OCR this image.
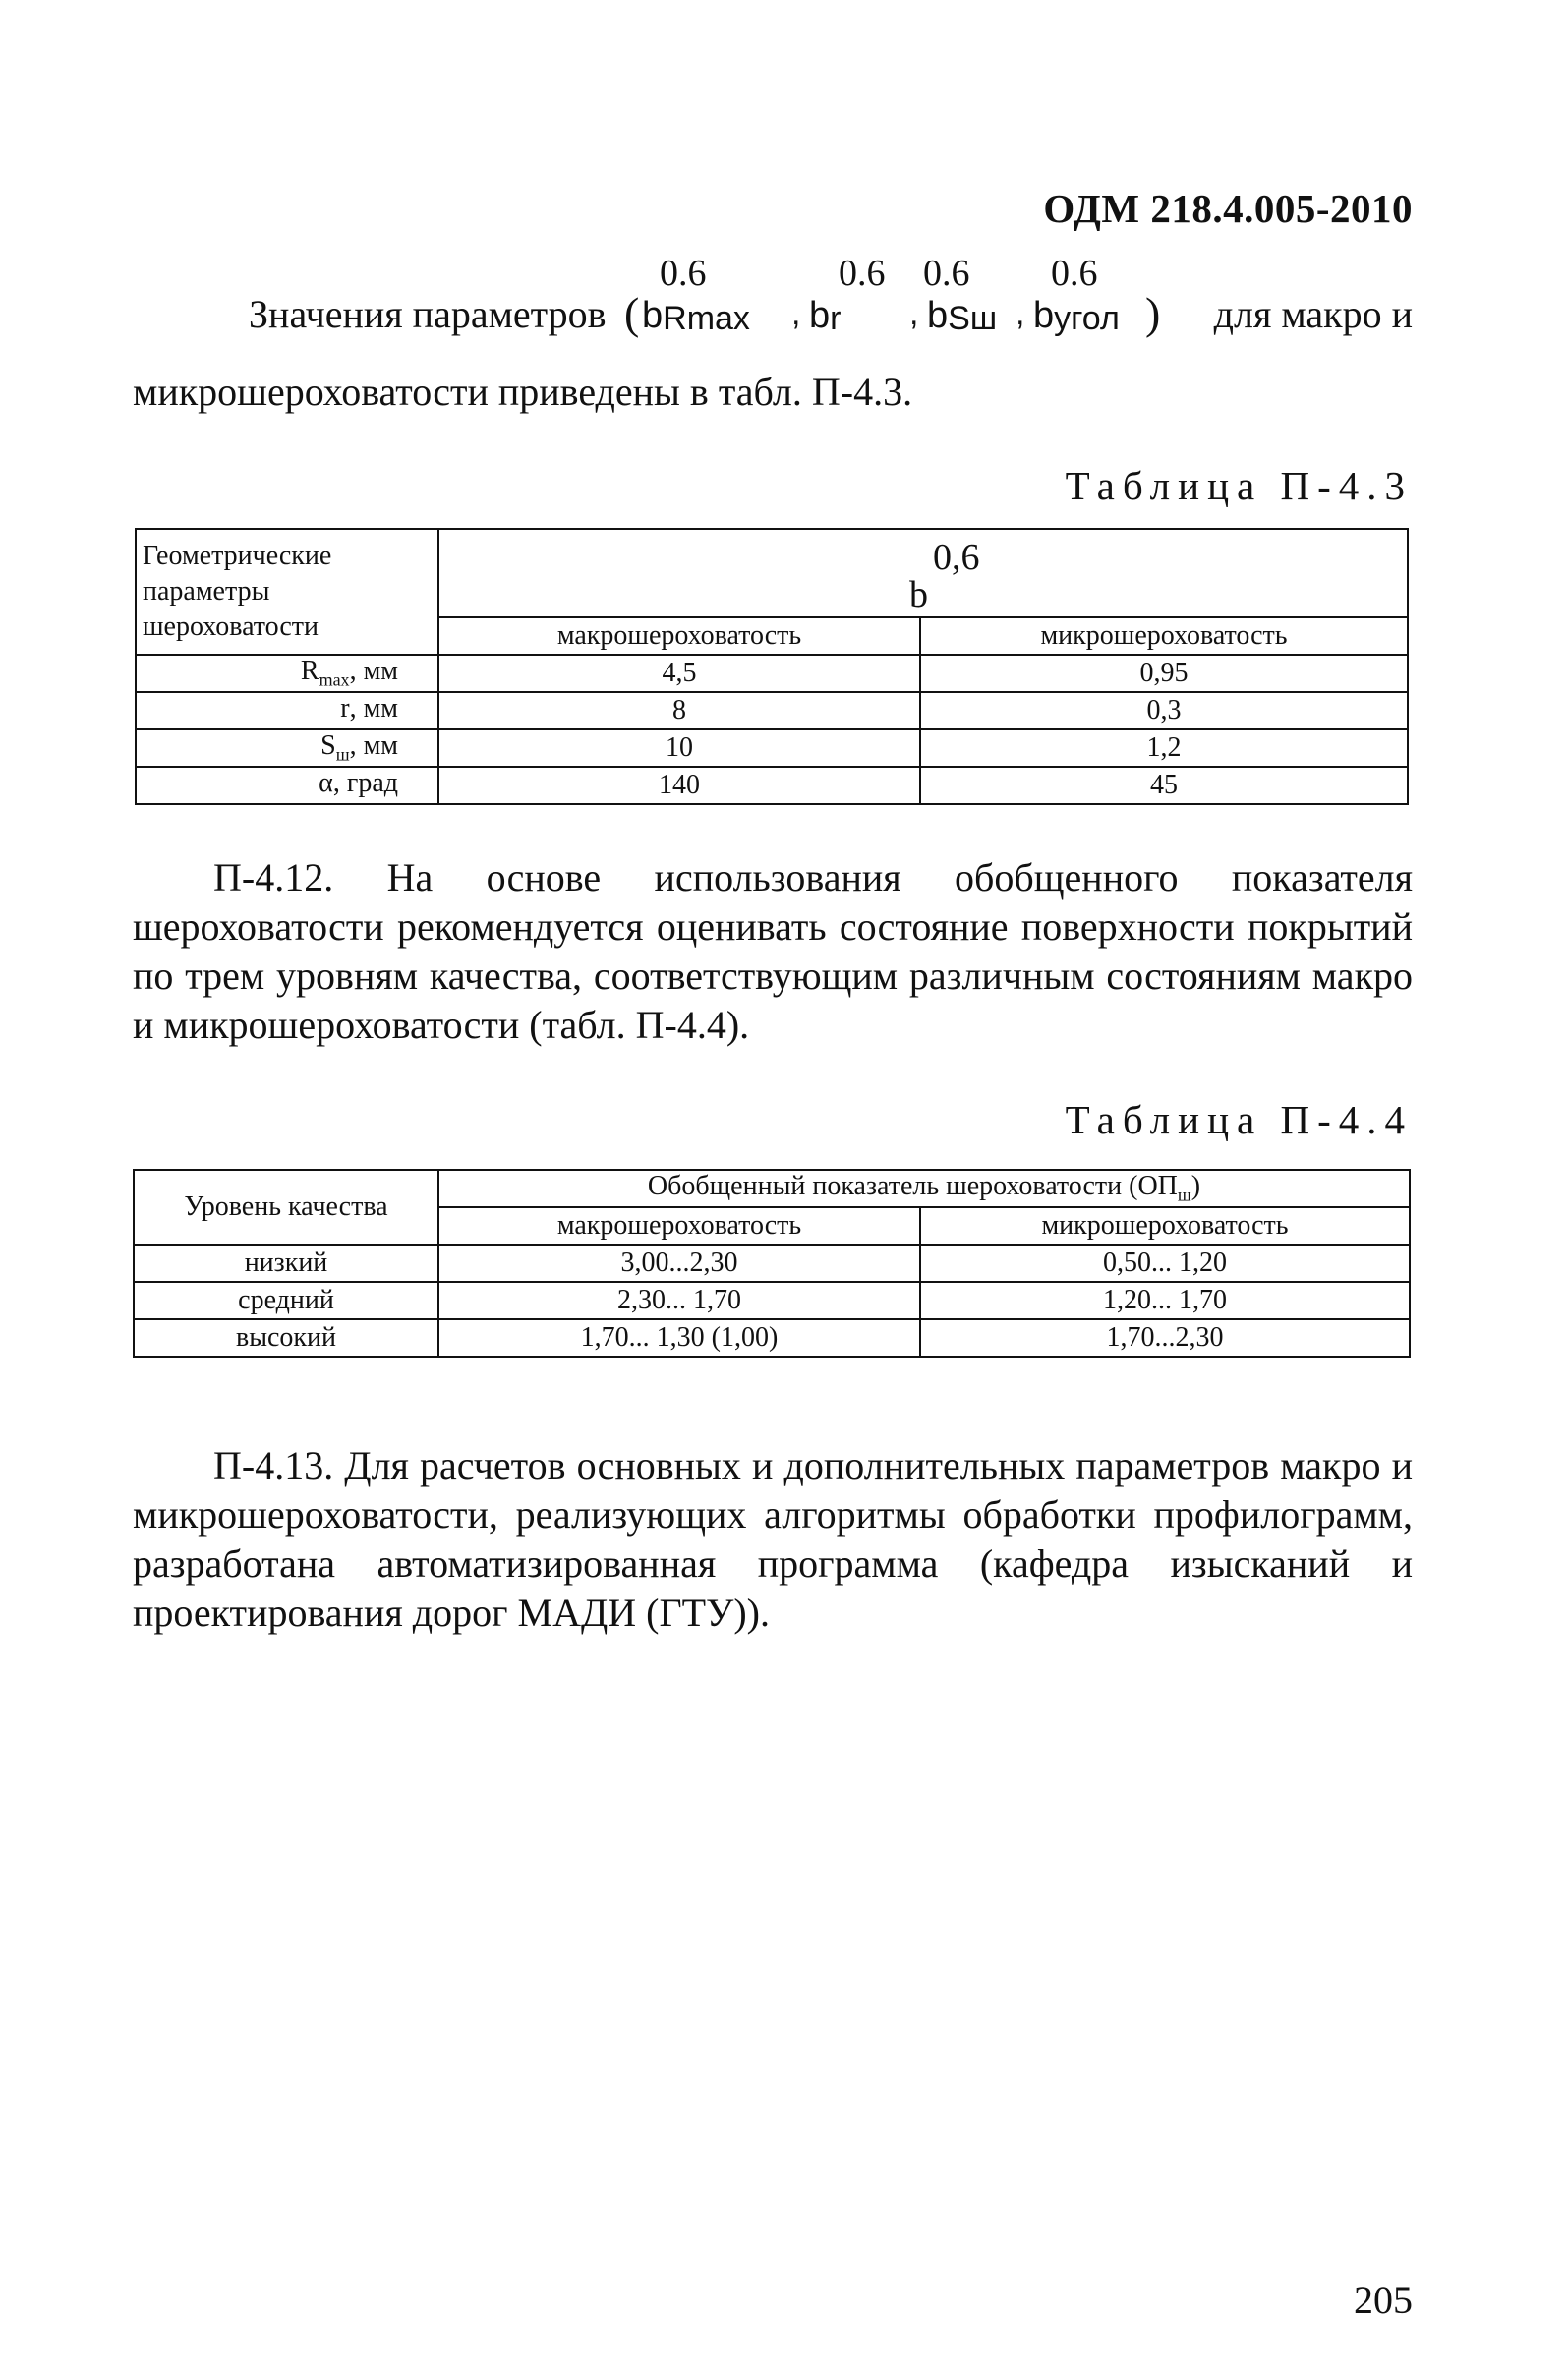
ОДМ 218.4.005-2010
Значения параметров (
0.6
$b_{Rmax}$ ,
0.6
$b_r$ ,
0.6
$b_{Sш}$ ,
0.6
$b_{угол}$ ) для макро и

микрошероховатости приведены в табл. П-4.3.

Таблица П-4.3
Геометрические параметры шероховатости	0,6
b	

	макрошероховатость	микрошероховатость
$R_{max}$, мм	4,5	0,95
r, мм	8	0,3
$S_ш$, мм	10	1,2
α, град	140	45

П-4.12. На основе использования обобщенного показателя шероховатости рекомендуется оценивать состояние поверхности покрытий по трем уровням качества, соответствующим различным состояниям макро и микрошероховатости (табл. П-4.4).

Таблица П-4.4
Уровень качества	Обобщенный показатель шероховатости $(ОП_ш)$	
	макрошероховатость	микрошероховатость
низкий	3,00...2,30	0,50... 1,20
средний	2,30... 1,70	1,20... 1,70
высокий	1,70... 1,30 (1,00)	1,70...2,30

П-4.13. Для расчетов основных и дополнительных параметров макро и микрошероховатости, реализующих алгоритмы обработки профилограмм, разработана автоматизированная программа (кафедра изысканий и проектирования дорог МАДИ (ГТУ)).

205
